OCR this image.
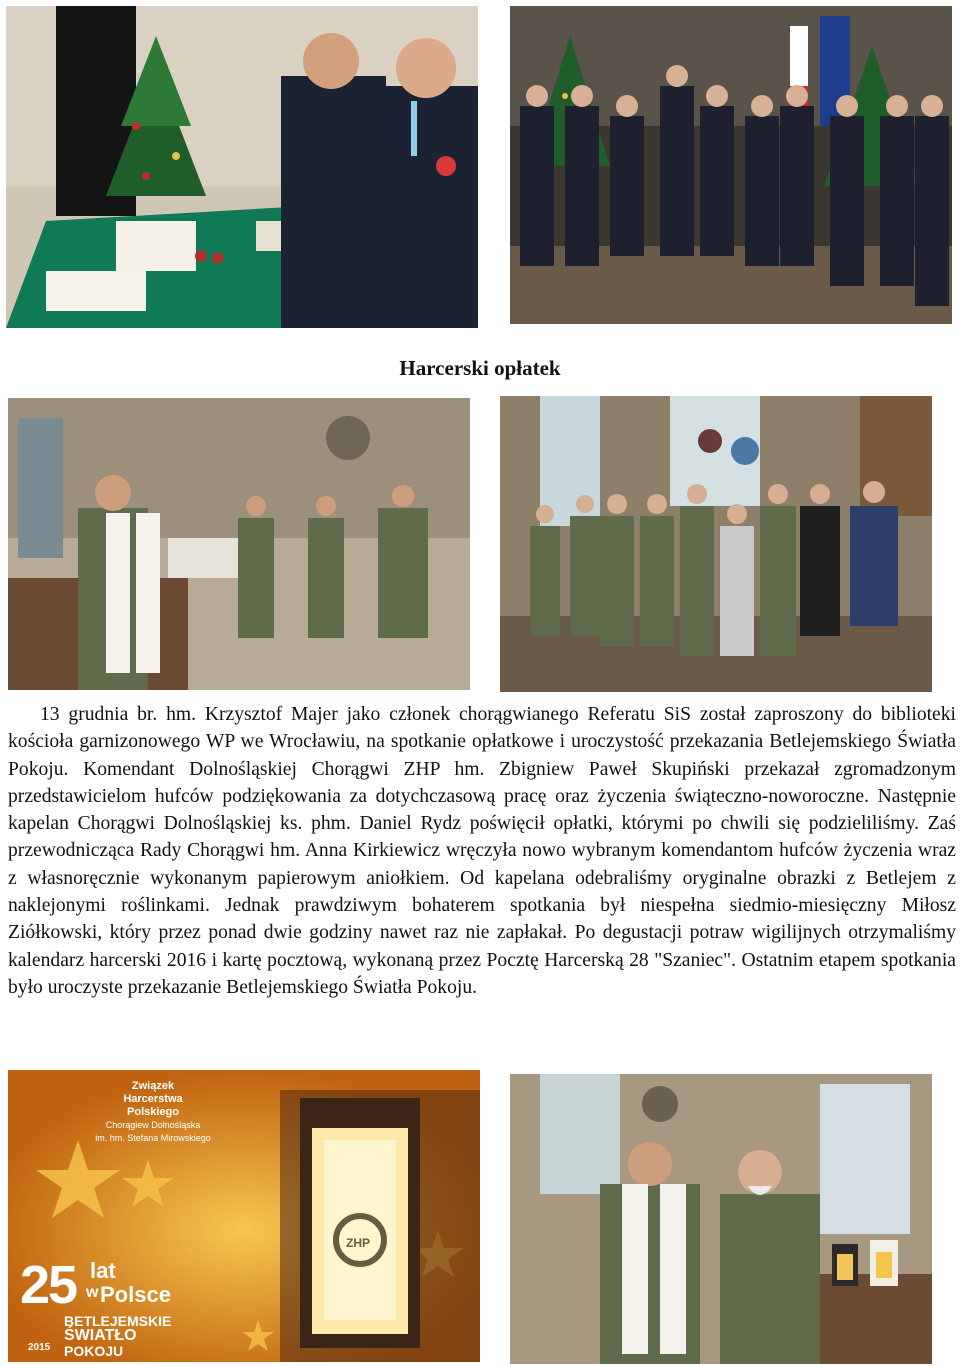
Harcerski opłatek

13 grudnia br. hm. Krzysztof Majer jako członek chorągwianego Referatu SiS został zaproszony do biblioteki kościoła garnizonowego WP we Wrocławiu, na spotkanie opłatkowe i uroczystość przekazania Betlejemskiego Światła Pokoju. Komendant Dolnośląskiej Chorągwi ZHP hm. Zbigniew Paweł Skupiński przekazał zgromadzonym przedstawicielom hufców podziękowania za dotychczasową pracę oraz życzenia świąteczno-noworoczne. Następnie kapelan Chorągwi Dolnośląskiej ks. phm. Daniel Rydz poświęcił opłatki, którymi po chwili się podzieliliśmy. Zaś przewodnicząca Rady Chorągwi hm. Anna Kirkiewicz wręczyła nowo wybranym komendantom hufców życzenia wraz z własnoręcznie wykonanym papierowym aniołkiem. Od kapelana odebraliśmy oryginalne obrazki z Betlejem z naklejonymi roślinkami. Jednak prawdziwym bohaterem spotkania był niespełna siedmio-miesięczny Miłosz Ziółkowski, który przez ponad dwie godziny nawet raz nie zapłakał. Po degustacji potraw wigilijnych otrzymaliśmy kalendarz harcerski 2016 i kartę pocztową, wykonaną przez Pocztę Harcerską 28 "Szaniec". Ostatnim etapem spotkania było uroczyste przekazanie Betlejemskiego Światła Pokoju.

Związek
Harcerstwa
Polskiego
Chorągiew Dolnośląska
im. hm. Stefana Mirowskiego
ZHP
25 lat
w Polsce
BETLEJEMSKIE
ŚWIATŁO
POKOJU
2015
